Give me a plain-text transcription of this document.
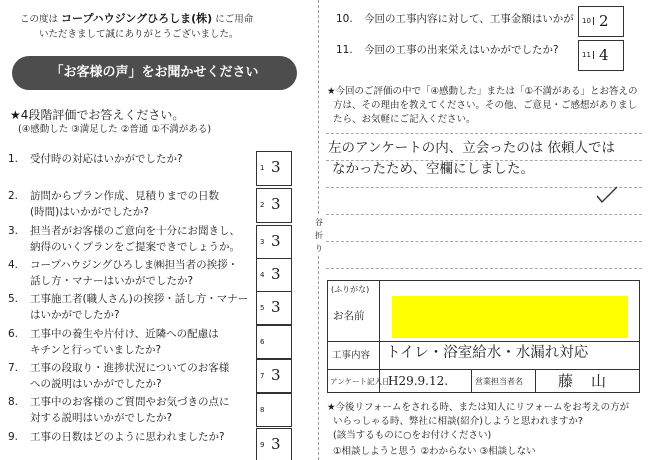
この度は コープハウジングひろしま(株) にご用命
いただきまして誠にありがとうございました。
「お客様の声」をお聞かせください
★4段階評価でお答えください。
(④感動した ③満足した ②普通 ①不満がある)
1. 受付時の対応はいかがでしたか?
1 3
2. 訪問からプラン作成、見積りまでの日数
(時間)はいかがでしたか?
2 3
3. 担当者がお客様のご意向を十分にお聞きし、
納得のいくプランをご提案できでしょうか。	3 3
4. コープハウジングひろしま㈱担当者の挨拶・
話し方・マナーはいかがでしたか?	4 3
5. 工事施工者(職人さん)の挨拶・話し方・マナー
はいかがでしたか?
5 3
6. 工事中の養生や片付け、近隣への配慮は
キチンと行っていましたか?
6
7. 工事の段取り・進捗状況についてのお客様
への説明はいかがでしたか?
7 3
8. 工事中のお客様のご質問やお気づきの点に
対する説明はいかがでしたか?
8
9. 工事の日数はどのように思われましたか?
9 3
谷
折
り
10. 今回の工事内容に対して、工事金額はいかが 10 2
11. 今回の工事の出来栄えはいかがでしたか?	11 4
★今回のご評価の中で「④感動した」または「①不満がある」とお答えの
方は、その理由を教えてください。その他、ご意見・ご感想がありまし
たら、お気軽にご記入ください。
左のアンケートの内、立会ったのは 依頼人では
なかったため、空欄にしました。
(ふりがな)
お名前
工事内容 トイレ・浴室給水・水漏れ対応
アンケート記入日
H29.9.12.	営業担当者名 藤山
★今後リフォームをされる時、または知人にリフォームをお考えの方が
いらっしゃる時、弊社に相談(紹介)しようと思われますか?
(該当するものに○をお付けください)
①相談しようと思う ②わからない ③相談しない
